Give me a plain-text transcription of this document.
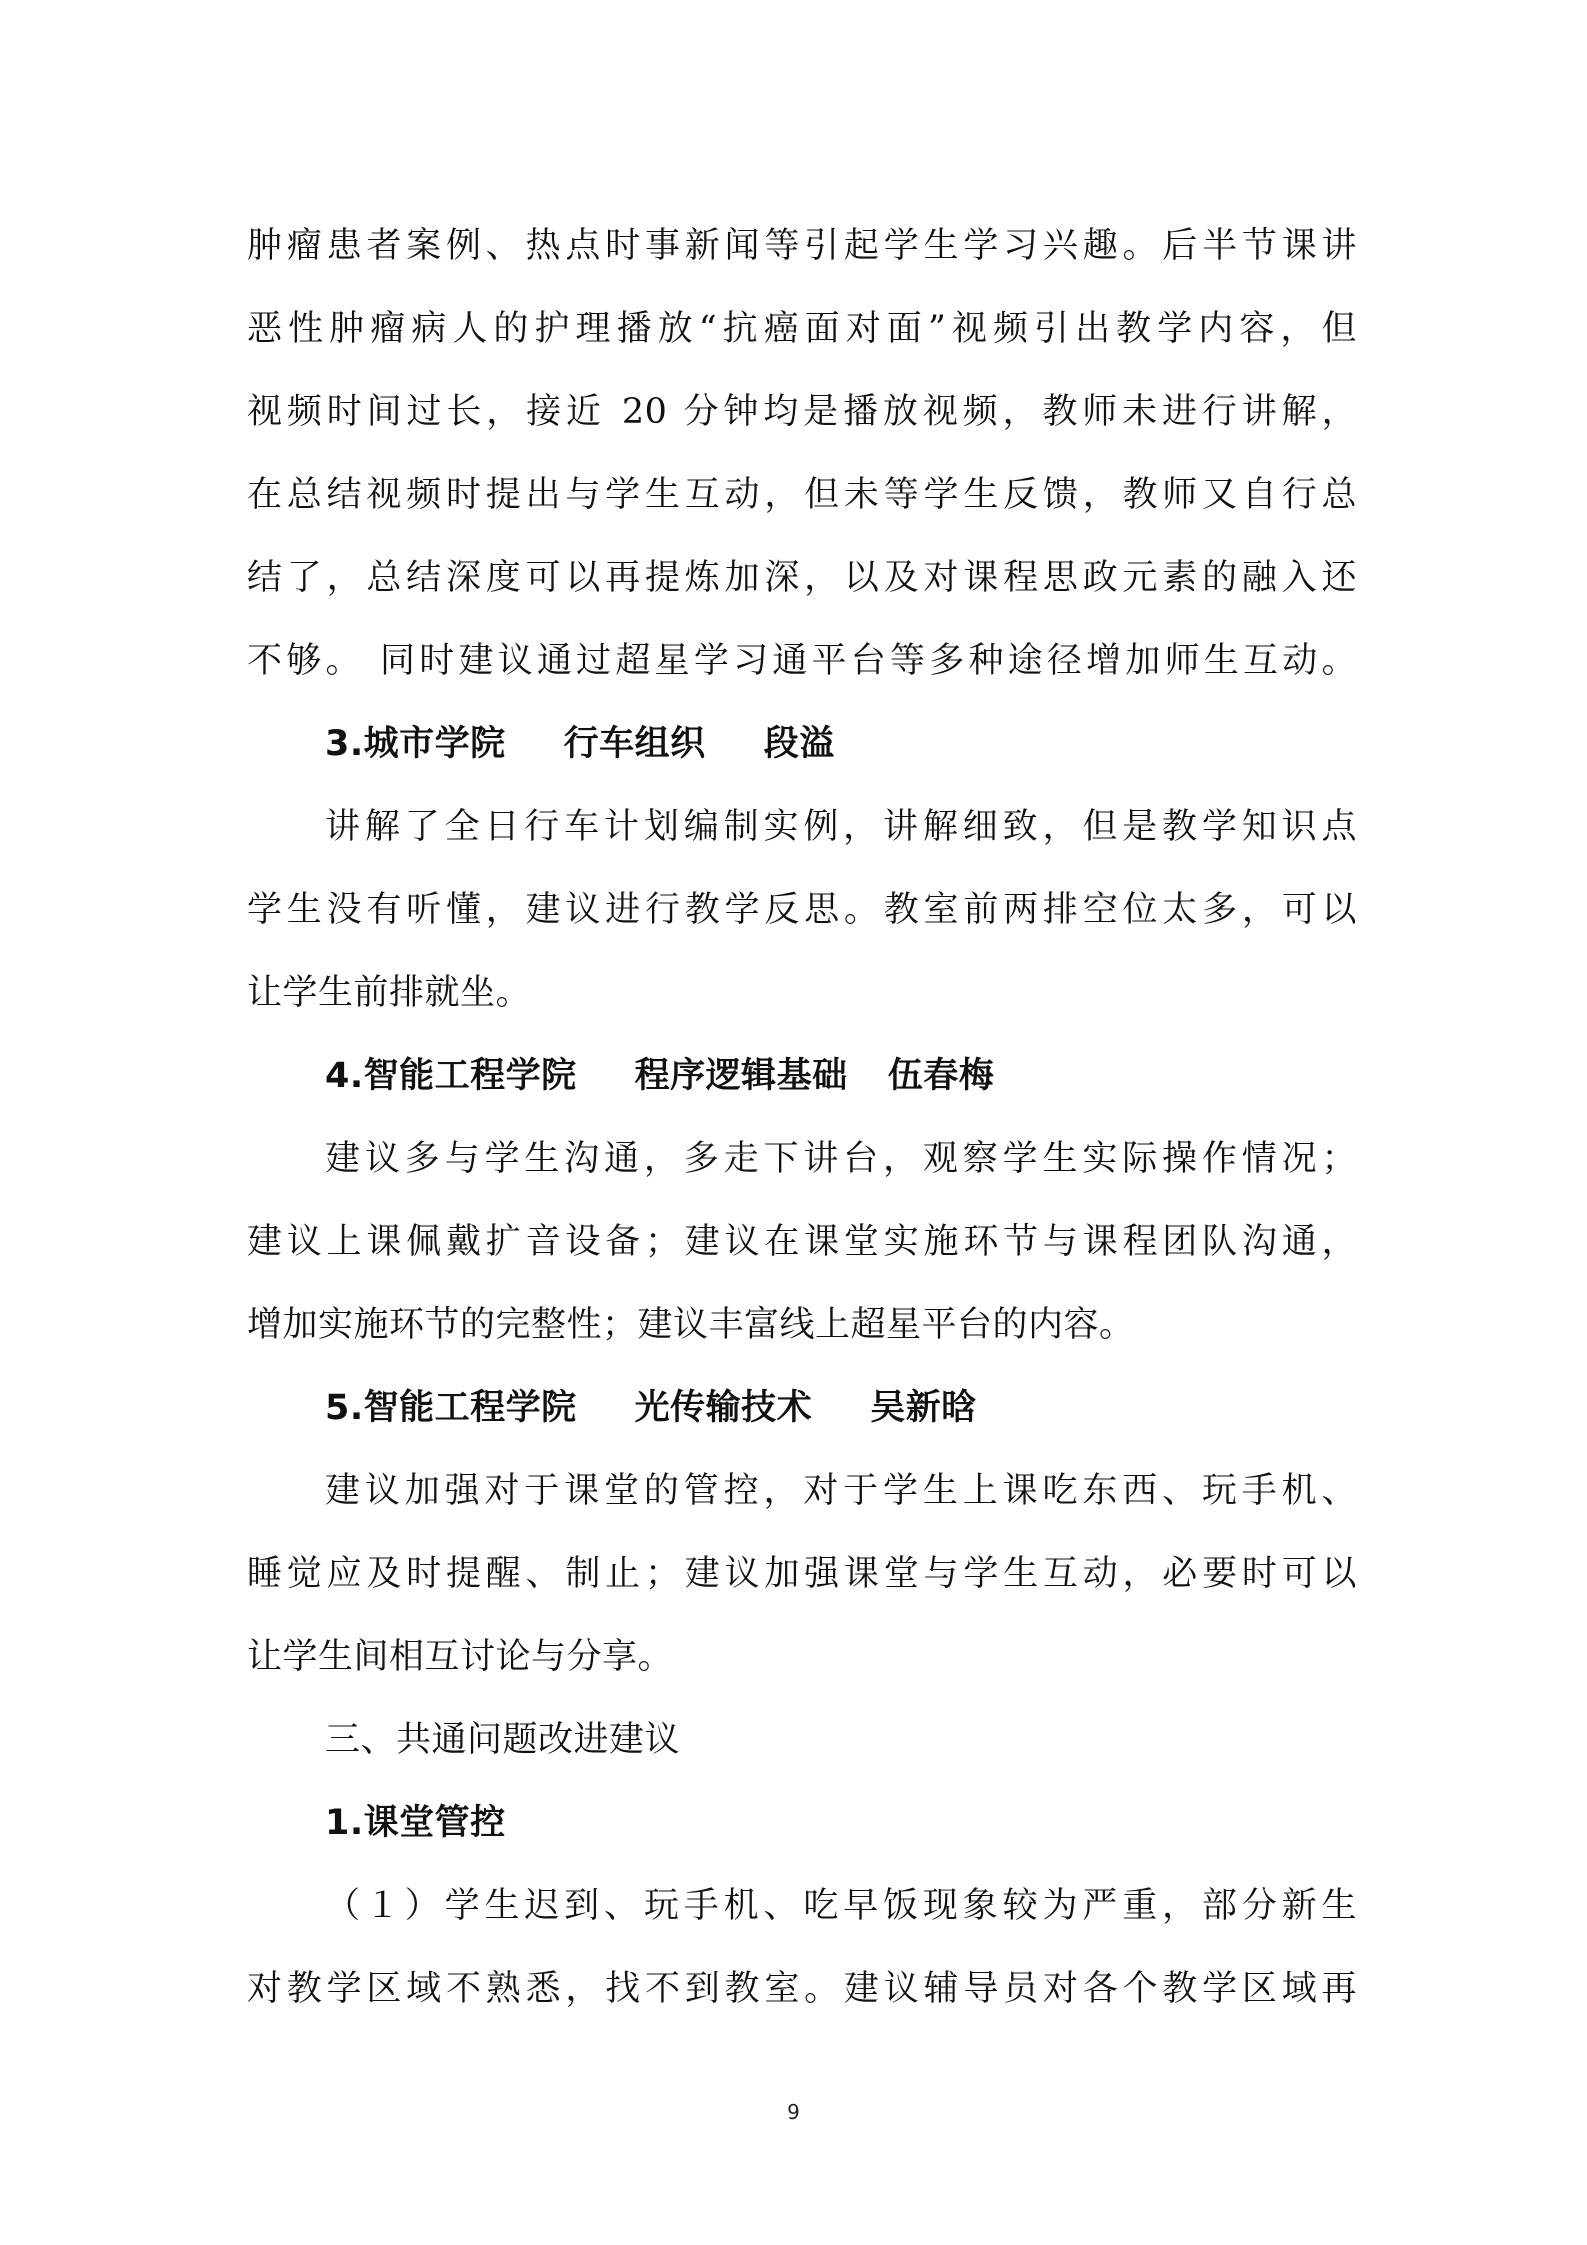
肿瘤患者案例、热点时事新闻等引起学生学习兴趣。后半节课讲
恶性肿瘤病人的护理播放“抗癌面对面”视频引出教学内容，但
视频时间过长，接近 20 分钟均是播放视频，教师未进行讲解，
在总结视频时提出与学生互动，但未等学生反馈，教师又自行总
结了，总结深度可以再提炼加深，以及对课程思政元素的融入还
不够。 同时建议通过超星学习通平台等多种途径增加师生互动。
3.城市学院 行车组织 段溢
讲解了全日行车计划编制实例，讲解细致，但是教学知识点
学生没有听懂，建议进行教学反思。教室前两排空位太多，可以
让学生前排就坐。
4.智能工程学院 程序逻辑基础 伍春梅
建议多与学生沟通，多走下讲台，观察学生实际操作情况；
建议上课佩戴扩音设备；建议在课堂实施环节与课程团队沟通，
增加实施环节的完整性；建议丰富线上超星平台的内容。
5.智能工程学院 光传输技术 吴新晗
建议加强对于课堂的管控，对于学生上课吃东西、玩手机、
睡觉应及时提醒、制止；建议加强课堂与学生互动，必要时可以
让学生间相互讨论与分享。
三、共通问题改进建议
1.课堂管控
（１）学生迟到、玩手机、吃早饭现象较为严重，部分新生
对教学区域不熟悉，找不到教室。建议辅导员对各个教学区域再
9
